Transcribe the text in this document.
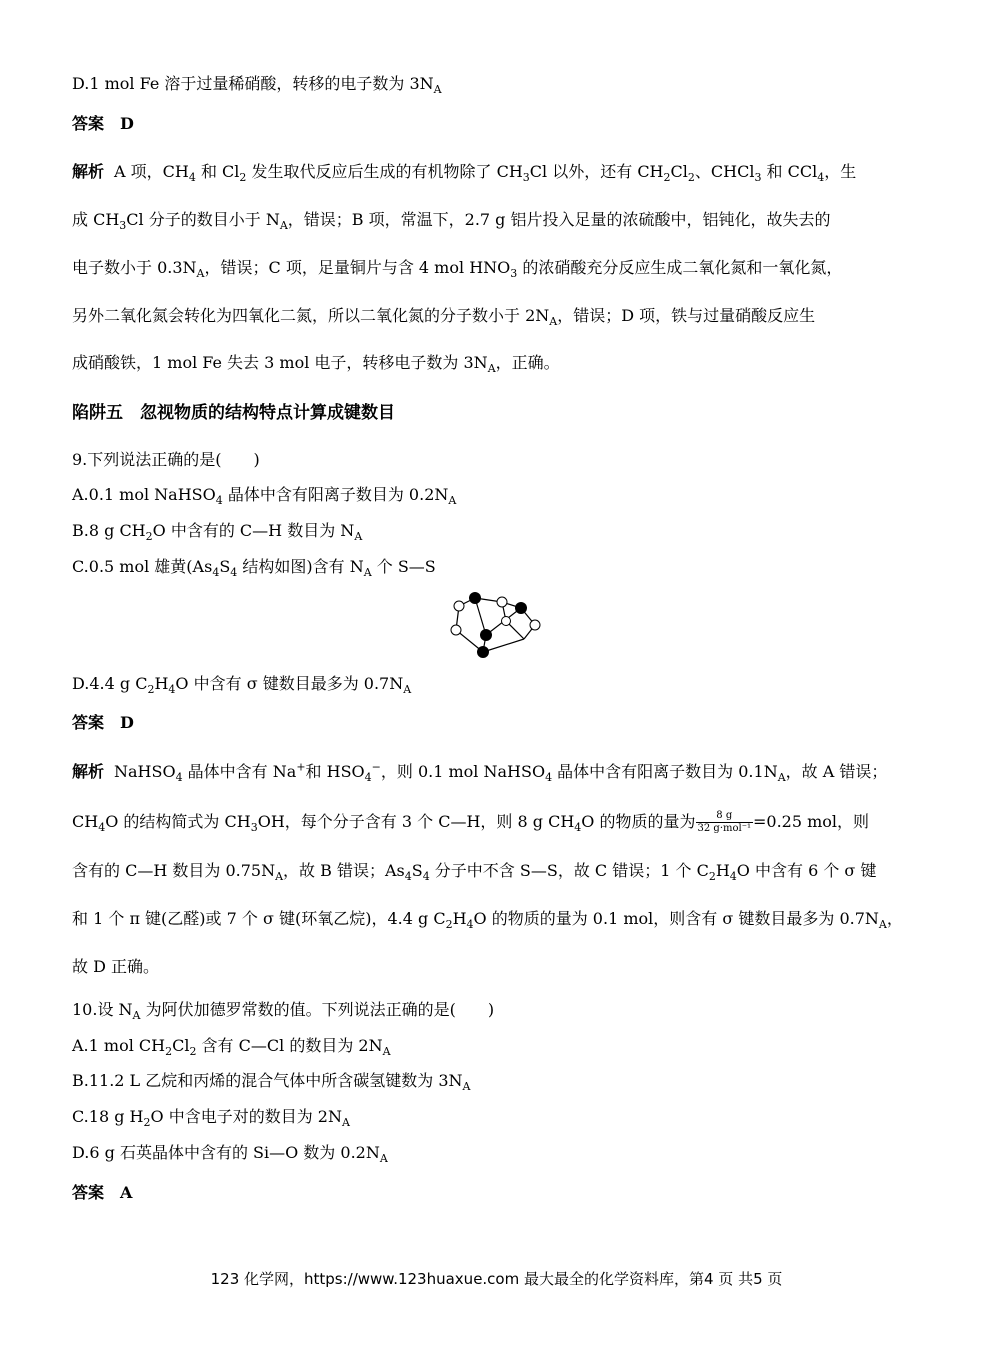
D.1 mol Fe 溶于过量稀硝酸，转移的电子数为 $3N_A$
答案　D
解析 A 项，$CH_4$ 和 $Cl_2$ 发生取代反应后生成的有机物除了 $CH_3Cl$ 以外，还有 $CH_2Cl_2$、CHCl$_3$ 和 CCl$_4$，生
成 $CH_3Cl$ 分子的数目小于 $N_A$，错误；B 项，常温下，2.7 g 铝片投入足量的浓硫酸中，铝钝化，故失去的
电子数小于 $0.3N_A$，错误；C 项，足量铜片与含 4 mol $HNO_3$ 的浓硝酸充分反应生成二氧化氮和一氧化氮，
另外二氧化氮会转化为四氧化二氮，所以二氧化氮的分子数小于 $2N_A$，错误；D 项，铁与过量硝酸反应生
成硝酸铁，1 mol Fe 失去 3 mol 电子，转移电子数为 $3N_A$，正确。
陷阱五　忽视物质的结构特点计算成键数目
9.下列说法正确的是(　　)
A.0.1 mol NaHSO$_4$ 晶体中含有阳离子数目为 $0.2N_A$
B.8 g $CH_2O$ 中含有的 C—H 数目为 $N_A$
C.0.5 mol 雄黄($As_4S_4$ 结构如图)含有 $N_A$ 个 S—S
D.4.4 g $C_2H_4O$ 中含有 σ 键数目最多为 $0.7N_A$
答案　D
解析 NaHSO$_4$ 晶体中含有 Na+和 $HSO_4^-$，则 0.1 mol NaHSO$_4$ 晶体中含有阳离子数目为 $0.1N_A$，故 A 错误；
$CH_4O$ 的结构简式为 $CH_3OH$，每个分子含有 3 个 C—H，则 8 g $CH_4O$ 的物质的量为	8 g
32 g·mol⁻¹ =0.25 mol，则
含有的 C—H 数目为 $0.75N_A$，故 B 错误；$As_4S_4$ 分子中不含 S—S，故 C 错误；1 个 $C_2H_4O$ 中含有 6 个 σ 键
和 1 个 π 键(乙醛)或 7 个 σ 键(环氧乙烷)，4.4 g $C_2H_4O$ 的物质的量为 0.1 mol，则含有 σ 键数目最多为 $0.7N_A$，
故 D 正确。
10.设 $N_A$ 为阿伏加德罗常数的值。下列说法正确的是(　　)
A.1 mol $CH_2Cl_2$ 含有 C—Cl 的数目为 $2N_A$
B.11.2 L 乙烷和丙烯的混合气体中所含碳氢键数为 $3N_A$
C.18 g $H_2O$ 中含电子对的数目为 $2N_A$
D.6 g 石英晶体中含有的 Si—O 数为 $0.2N_A$
答案　A
123 化学网，https://www.123huaxue.com 最大最全的化学资料库，第4 页 共5 页
